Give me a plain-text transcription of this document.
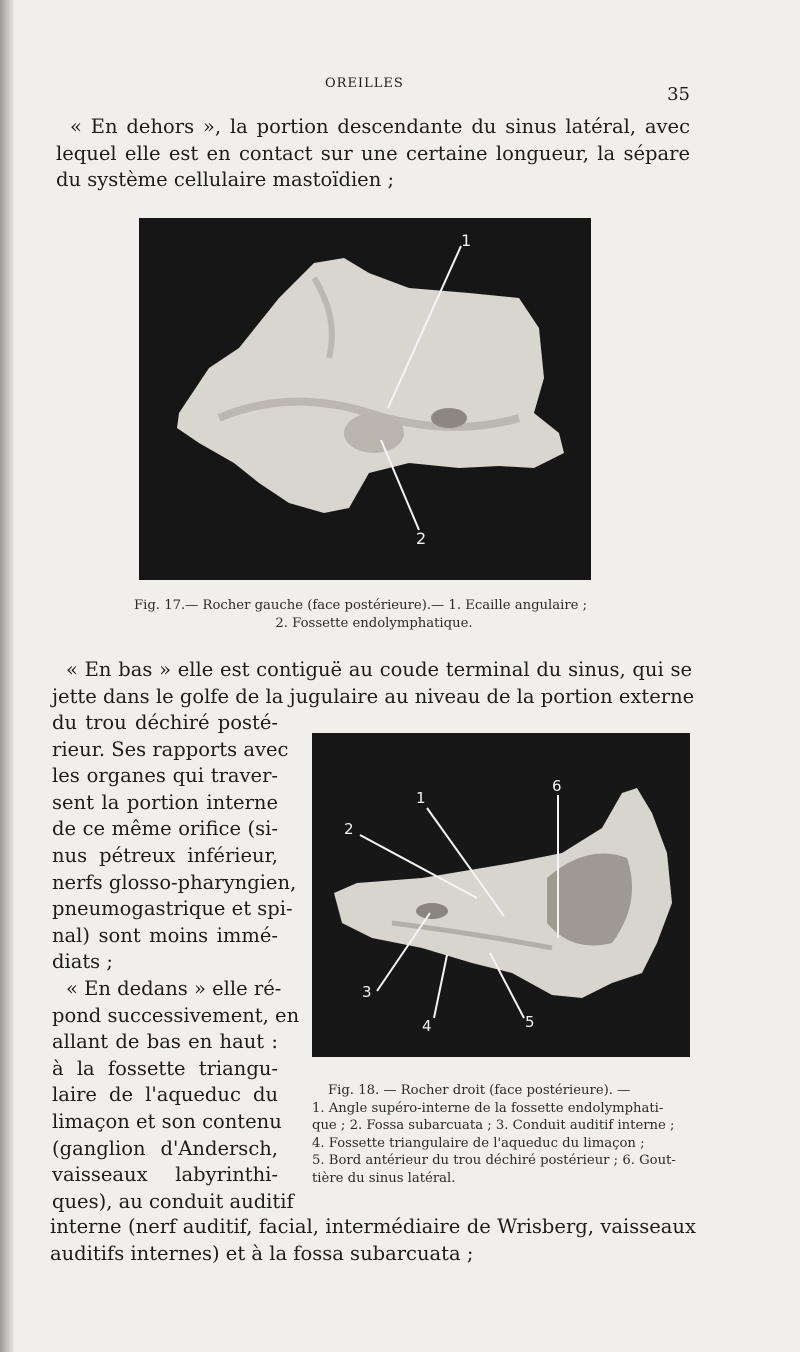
OREILLES
35
« En dehors », la portion descendante du sinus latéral, avec
lequel elle est en contact sur une certaine longueur, la sépare
du système cellulaire mastoïdien ;
1
2
Fig. 17.— Rocher gauche (face postérieure).— 1. Ecaille angulaire ;
2. Fossette endolymphatique.
« En bas » elle est contiguë au coude terminal du sinus, qui se
jette dans le golfe de la jugulaire au niveau de la portion externe
du trou déchiré posté-
rieur. Ses rapports avec
les organes qui traver-
sent la portion interne
de ce même orifice (si-
nus pétreux inférieur,
nerfs glosso-pharyngien,
pneumogastrique et spi-
nal) sont moins immé-
diats ;
« En dedans » elle ré-
pond successivement, en
allant de bas en haut :
à la fossette triangu-
laire de l'aqueduc du
limaçon et son contenu
(ganglion d'Andersch,
vaisseaux labyrinthi-
ques), au conduit auditif
interne (nerf auditif, facial, intermédiaire de Wrisberg, vaisseaux
auditifs internes) et à la fossa subarcuata ;
1
2
3
4	5
6
Fig. 18. — Rocher droit (face postérieure). —
1. Angle supéro-interne de la fossette endolymphati-
que ; 2. Fossa subarcuata ; 3. Conduit auditif interne ;
4. Fossette triangulaire de l'aqueduc du limaçon ;
5. Bord antérieur du trou déchiré postérieur ; 6. Gout-
tière du sinus latéral.
